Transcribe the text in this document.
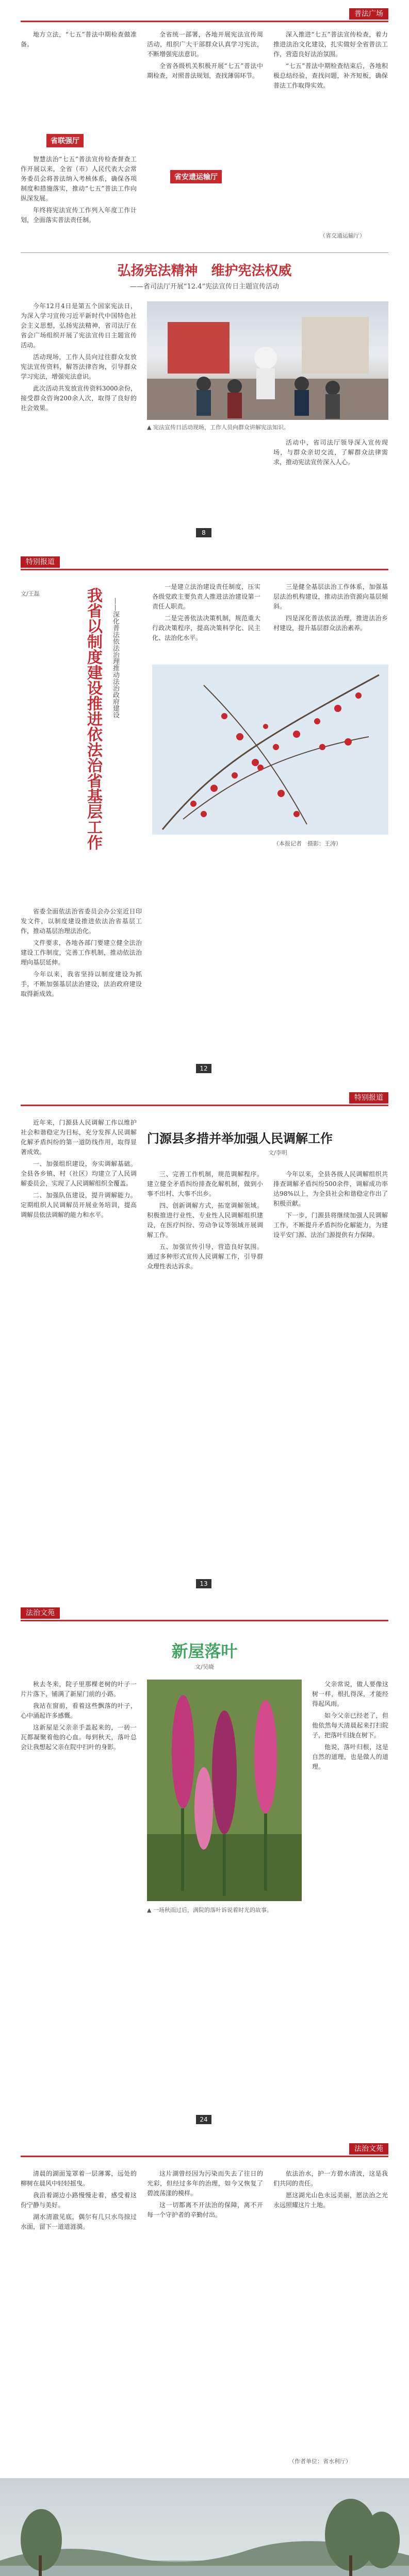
普法广场

地方立法，“七五”普法中期检查做准备。

省联强厅

智慧法治“七五”普法宣传检查督查工作开展以来，全省（市）人民代表大会常务委员会将普法纳入考核体系，确保各项制度和措施落实，推动“七五”普法工作向纵深发展。

年终将宪法宣传工作列入年度工作计划，全面落实普法责任制。

全省统一部署，各地开展宪法宣传周活动，组织广大干部群众认真学习宪法，不断增强宪法意识。

全省各级机关积极开展“七五”普法中期检查，对照普法规划，查找薄弱环节。

省安遗运输厅

深入推进“七五”普法宣传检查，着力推进法治文化建设，扎实做好全省普法工作，营造良好法治氛围。

“七五”普法中期检查结束后，各地积极总结经验，查找问题，补齐短板，确保普法工作取得实效。

（省交通运输厅）
弘扬宪法精神　维护宪法权威
——省司法厅开展“12.4”宪法宣传日主题宣传活动

今年12月4日是第五个国家宪法日，为深入学习宣传习近平新时代中国特色社会主义思想，弘扬宪法精神，省司法厅在省会广场组织开展了宪法宣传日主题宣传活动。

活动现场，工作人员向过往群众发放宪法宣传资料，解答法律咨询，引导群众学习宪法，增强宪法意识。

此次活动共发放宣传资料3000余份，接受群众咨询200余人次，取得了良好的社会效果。

▲ 宪法宣传日活动现场，工作人员向群众讲解宪法知识。

活动中，省司法厅领导深入宣传现场，与群众亲切交流，了解群众法律需求，推动宪法宣传深入人心。

8
特别报道
我省以制度建设推进依法治省基层工作	——深化普法依法治理推动法治政府建设
文/王磊

省委全面依法治省委员会办公室近日印发文件，以制度建设推进依法治省基层工作，推动基层治理法治化。

文件要求，各地各部门要建立健全法治建设工作制度，完善工作机制，推动依法治理向基层延伸。

今年以来，我省坚持以制度建设为抓手，不断加强基层法治建设，法治政府建设取得新成效。

一是建立法治建设责任制度，压实各级党政主要负责人推进法治建设第一责任人职责。

二是完善依法决策机制，规范重大行政决策程序，提高决策科学化、民主化、法治化水平。

三是健全基层法治工作体系，加强基层法治机构建设，推动法治资源向基层倾斜。

四是深化普法依法治理，推进法治乡村建设，提升基层群众法治素养。

（本报记者　摄影：王涛）
12
特别报道

近年来，门源县人民调解工作以维护社会和谐稳定为目标，充分发挥人民调解化解矛盾纠纷的第一道防线作用，取得显著成效。

一、加强组织建设，夯实调解基础。全县各乡镇、村（社区）均建立了人民调解委员会，实现了人民调解组织全覆盖。

二、加强队伍建设，提升调解能力。定期组织人民调解员开展业务培训，提高调解员依法调解的能力和水平。

门源县多措并举加强人民调解工作
文/李明

三、完善工作机制，规范调解程序。建立健全矛盾纠纷排查化解机制，做到小事不出村、大事不出乡。

四、创新调解方式，拓宽调解领域。积极推进行业性、专业性人民调解组织建设，在医疗纠纷、劳动争议等领域开展调解工作。

五、加强宣传引导，营造良好氛围。通过多种形式宣传人民调解工作，引导群众理性表达诉求。

今年以来，全县各级人民调解组织共排查调解矛盾纠纷500余件，调解成功率达98%以上，为全县社会和谐稳定作出了积极贡献。

下一步，门源县将继续加强人民调解工作，不断提升矛盾纠纷化解能力，为建设平安门源、法治门源提供有力保障。

13
法治文苑
新屋落叶
文/吴晓

秋去冬来，院子里那棵老树的叶子一片片落下，铺满了新屋门前的小路。

我站在窗前，看着这些飘落的叶子，心中涌起许多感慨。

这新屋是父亲亲手盖起来的，一砖一瓦都凝聚着他的心血。每到秋天，落叶总会让我想起父亲在院中扫叶的身影。

父亲常说，做人要像这树一样，根扎得深，才能经得起风雨。

如今父亲已经老了，但他依然每天清晨起来打扫院子，把落叶归拢在树下。

他说，落叶归根，这是自然的道理，也是做人的道理。

▲ 一场秋雨过后，满院的落叶诉说着时光的故事。
24
法治文苑

清晨的湖面笼罩着一层薄雾，远处的柳树在晨风中轻轻摇曳。

我沿着湖边小路慢慢走着，感受着这份宁静与美好。

湖水清澈见底，偶尔有几只水鸟掠过水面，留下一道道涟漪。

这片湖曾经因为污染而失去了往日的光彩，但经过多年的治理，如今又恢复了碧波荡漾的模样。

这一切都离不开法治的保障，离不开每一个守护者的辛勤付出。

依法治水，护一方碧水清波，这是我们共同的责任。

愿这湖光山色永远美丽，愿法治之光永远照耀这片土地。

（作者单位：省水利厅）
